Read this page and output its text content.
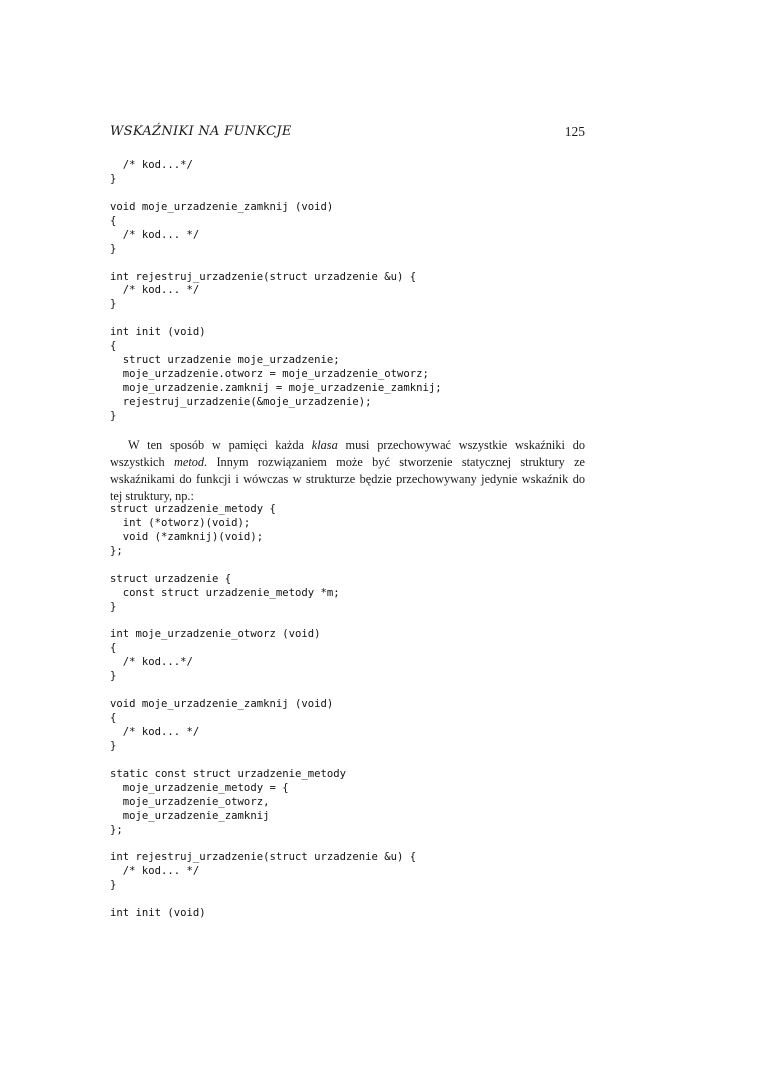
WSKAŹNIKI NA FUNKCJE	125
/* kod...*/
}
void moje_urzadzenie_zamknij (void)
{
/* kod... */
}
int rejestruj_urzadzenie(struct urzadzenie &u) {
/* kod... */
}
int init (void)
{
struct urzadzenie moje_urzadzenie;
moje_urzadzenie.otworz = moje_urzadzenie_otworz;
moje_urzadzenie.zamknij = moje_urzadzenie_zamknij;
rejestruj_urzadzenie(&moje_urzadzenie);
}

W ten sposób w pamięci każda klasa musi przechowywać wszystkie wskaźniki do wszystkich metod. Innym rozwiązaniem może być stworzenie statycznej struktury ze wskaźnikami do funkcji i wówczas w strukturze będzie przechowywany jedynie wskaźnik do tej struktury, np.:

struct urzadzenie_metody {
int (*otworz)(void);
void (*zamknij)(void);
};
struct urzadzenie {
const struct urzadzenie_metody *m;
}
int moje_urzadzenie_otworz (void)
{
/* kod...*/
}
void moje_urzadzenie_zamknij (void)
{
/* kod... */
}
static const struct urzadzenie_metody
moje_urzadzenie_metody = {
moje_urzadzenie_otworz,
moje_urzadzenie_zamknij
};
int rejestruj_urzadzenie(struct urzadzenie &u) {
/* kod... */
}
int init (void)
